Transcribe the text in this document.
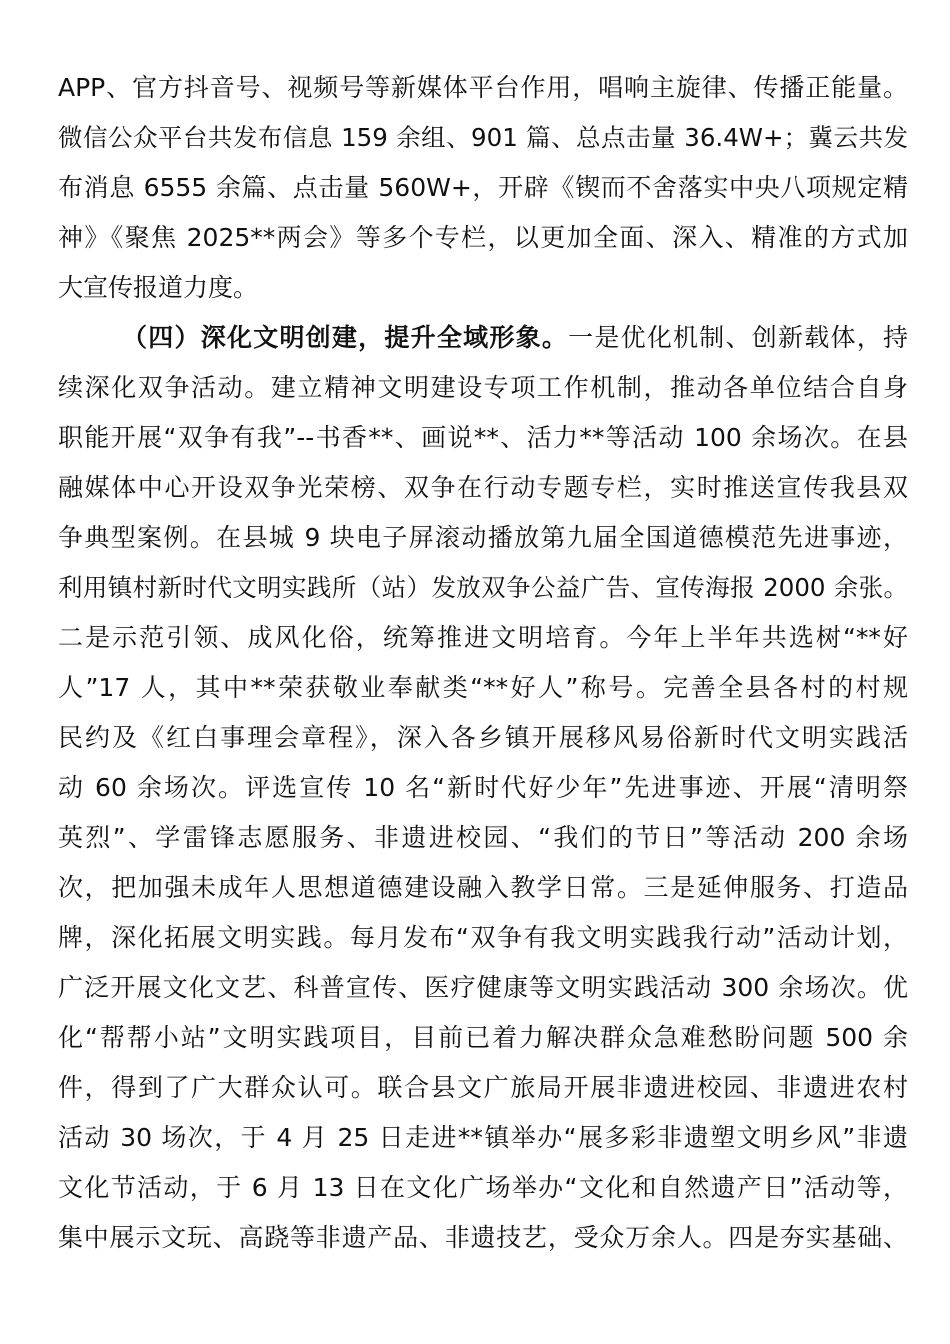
APP、官方抖音号、视频号等新媒体平台作用，唱响主旋律、传播正能量。
微信公众平台共发布信息 159 余组、901 篇、总点击量 36.4W+；冀云共发
布消息 6555 余篇、点击量 560W+，开辟《锲而不舍落实中央八项规定精
神》《聚焦 2025**两会》等多个专栏，以更加全面、深入、精准的方式加
大宣传报道力度。
（四）深化文明创建，提升全域形象。一是优化机制、创新载体，持
续深化双争活动。建立精神文明建设专项工作机制，推动各单位结合自身
职能开展“双争有我”--书香**、画说**、活力**等活动 100 余场次。在县
融媒体中心开设双争光荣榜、双争在行动专题专栏，实时推送宣传我县双
争典型案例。在县城 9 块电子屏滚动播放第九届全国道德模范先进事迹，
利用镇村新时代文明实践所（站）发放双争公益广告、宣传海报 2000 余张。
二是示范引领、成风化俗，统筹推进文明培育。今年上半年共选树“**好
人”17 人，其中**荣获敬业奉献类“**好人”称号。完善全县各村的村规
民约及《红白事理会章程》，深入各乡镇开展移风易俗新时代文明实践活
动 60 余场次。评选宣传 10 名“新时代好少年”先进事迹、开展“清明祭
英烈”、学雷锋志愿服务、非遗进校园、“我们的节日”等活动 200 余场
次，把加强未成年人思想道德建设融入教学日常。三是延伸服务、打造品
牌，深化拓展文明实践。每月发布“双争有我文明实践我行动”活动计划，
广泛开展文化文艺、科普宣传、医疗健康等文明实践活动 300 余场次。优
化“帮帮小站”文明实践项目，目前已着力解决群众急难愁盼问题 500 余
件，得到了广大群众认可。联合县文广旅局开展非遗进校园、非遗进农村
活动 30 场次，于 4 月 25 日走进**镇举办“展多彩非遗塑文明乡风”非遗
文化节活动，于 6 月 13 日在文化广场举办“文化和自然遗产日”活动等，
集中展示文玩、高跷等非遗产品、非遗技艺，受众万余人。四是夯实基础、
